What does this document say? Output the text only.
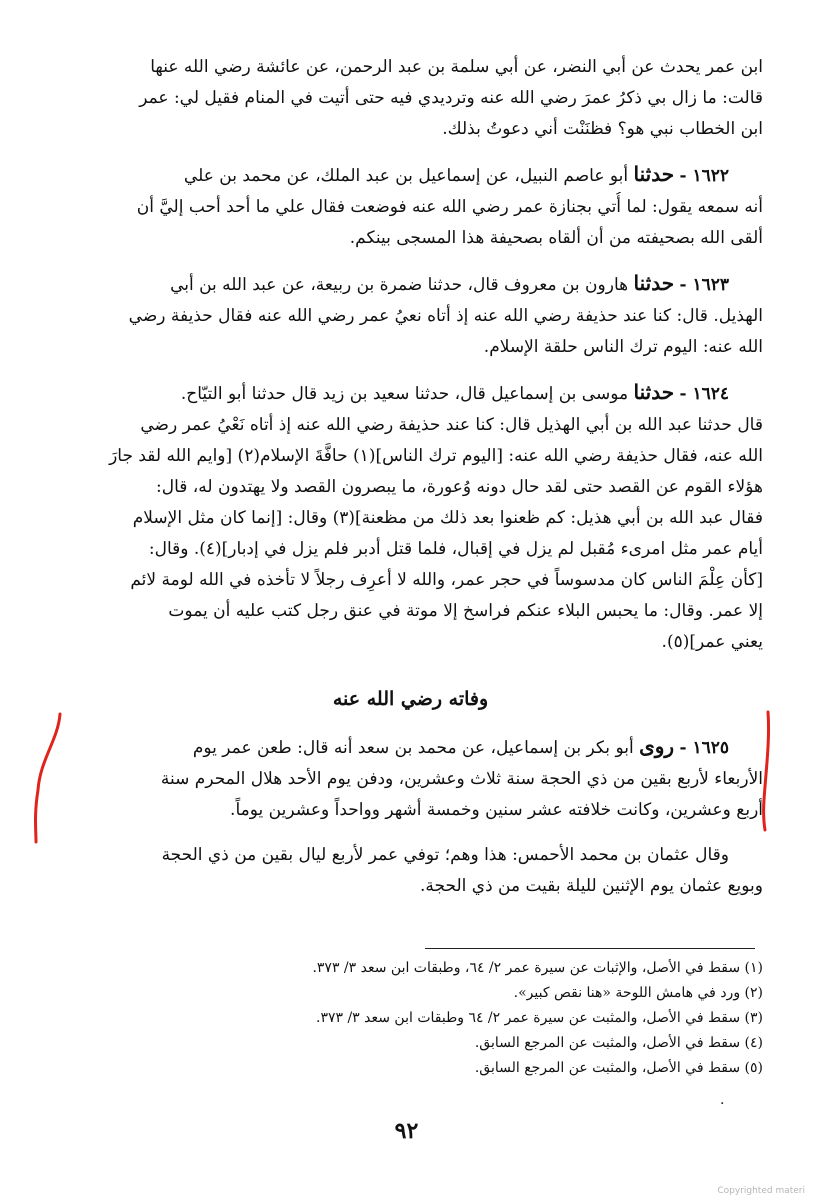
ابن عمر يحدث عن أبي النضر، عن أبي سلمة بن عبد الرحمن، عن عائشة رضي الله عنها
قالت: ما زال بي ذكرُ عمرَ رضي الله عنه وترديدي فيه حتى أتيت في المنام فقيل لي: عمر
ابن الخطاب نبي هو؟ فظنَنْت أني دعوتُ بذلك.

١٦٢٢ - حدثنا أبو عاصم النبيل، عن إسماعيل بن عبد الملك، عن محمد بن علي
أنه سمعه يقول: لما أُتي بجنازة عمر رضي الله عنه فوضعت فقال علي ما أحد أحب إليَّ أن
ألقى الله بصحيفته من أن ألقاه بصحيفة هذا المسجى بينكم.

١٦٢٣ - حدثنا هارون بن معروف قال، حدثنا ضمرة بن ربيعة، عن عبد الله بن أبي
الهذيل. قال: كنا عند حذيفة رضي الله عنه إذ أتاه نعيُ عمر رضي الله عنه فقال حذيفة رضي
الله عنه: اليوم ترك الناس حلقة الإسلام.

١٦٢٤ - حدثنا موسى بن إسماعيل قال، حدثنا سعيد بن زيد قال حدثنا أبو التيّاح.
قال حدثنا عبد الله بن أبي الهذيل قال: كنا عند حذيفة رضي الله عنه إذ أتاه نَعْيُ عمر رضي
الله عنه، فقال حذيفة رضي الله عنه: [اليوم ترك الناس](١) حافَّةَ الإسلام(٢) [وايم الله لقد جارَ
هؤلاء القوم عن القصد حتى لقد حال دونه وُعورة، ما يبصرون القصد ولا يهتدون له، قال:
فقال عبد الله بن أبي هذيل: كم ظعنوا بعد ذلك من مظعنة](٣) وقال: [إنما كان مثل الإسلام
أيام عمر مثل امرىء مُقبل لم يزل في إقبال، فلما قتل أدبر فلم يزل في إدبار](٤). وقال:
[كأن عِلْمَ الناس كان مدسوساً في حجر عمر، والله لا أعرِف رجلاً لا تأخذه في الله لومة لائم
إلا عمر. وقال: ما يحبس البلاء عنكم فراسخ إلا موتة في عنق رجل كتب عليه أن يموت
يعني عمر](٥).

وفاته رضي الله عنه

١٦٢٥ - روى أبو بكر بن إسماعيل، عن محمد بن سعد أنه قال: طعن عمر يوم
الأربعاء لأربع بقين من ذي الحجة سنة ثلاث وعشرين، ودفن يوم الأحد هلال المحرم سنة
أربع وعشرين، وكانت خلافته عشر سنين وخمسة أشهر وواحداً وعشرين يوماً.

وقال عثمان بن محمد الأحمس: هذا وهم؛ توفي عمر لأربع ليال بقين من ذي الحجة
وبويع عثمان يوم الإثنين لليلة بقيت من ذي الحجة.

(١) سقط في الأصل، والإثبات عن سيرة عمر ٢/ ٦٤، وطبقات ابن سعد ٣/ ٣٧٣.
(٢) ورد في هامش اللوحة «هنا نقص كبير».
(٣) سقط في الأصل، والمثبت عن سيرة عمر ٢/ ٦٤ وطبقات ابن سعد ٣/ ٣٧٣.
(٤) سقط في الأصل، والمثبت عن المرجع السابق.
(٥) سقط في الأصل، والمثبت عن المرجع السابق.
.
٩٢
Copyrighted materi
